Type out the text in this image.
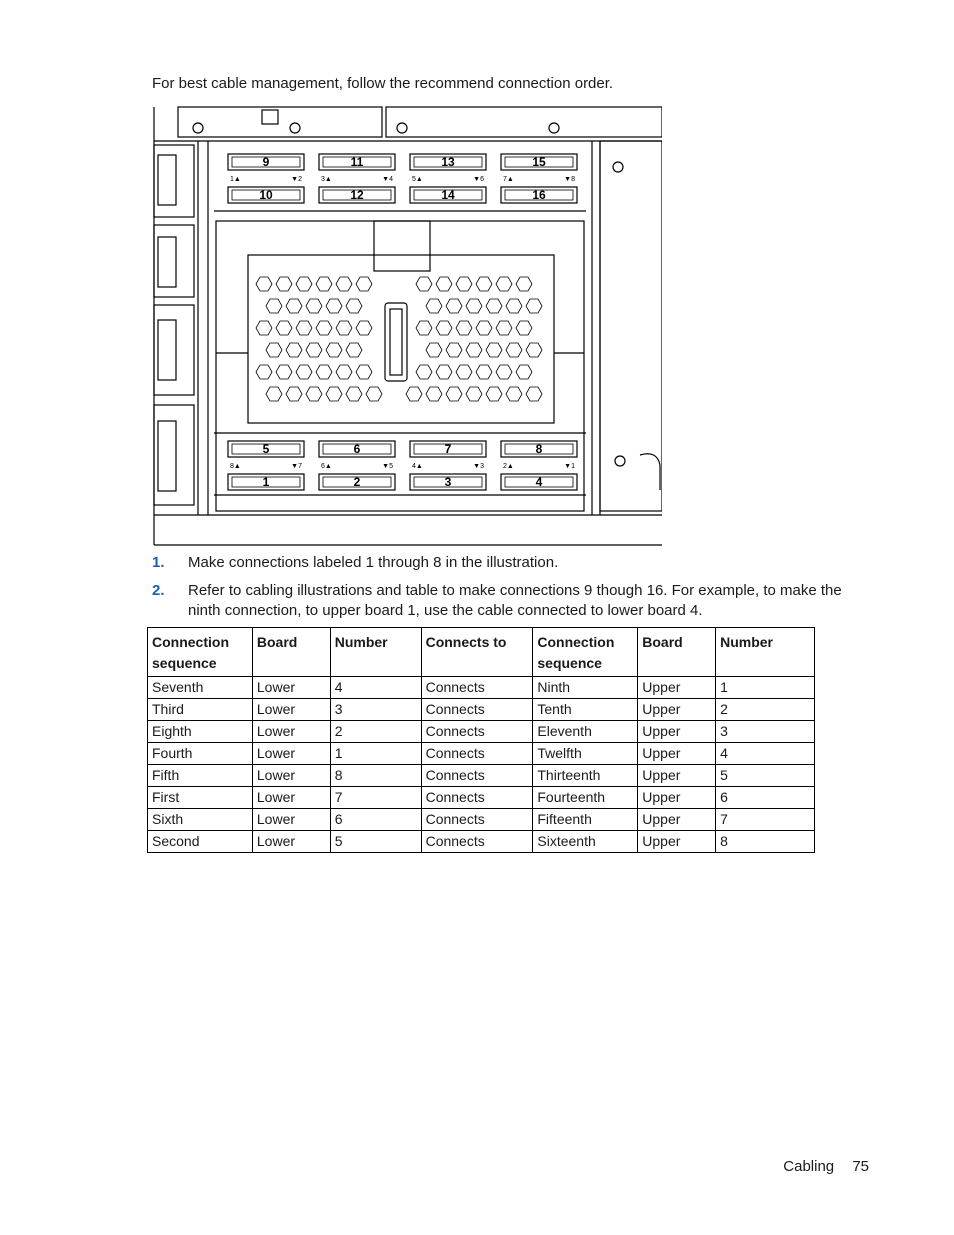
For best cable management, follow the recommend connection order.
9
10
1▲	▼2
11
12
3▲	▼4
13
14
5▲	▼6
15
16
7▲	▼8
5
1
8▲	▼7
6
2
6▲	▼5
7
3
4▲	▼3
8
4
2▲	▼1
1.	Make connections labeled 1 through 8 in the illustration.
2.	Refer to cabling illustrations and table to make connections 9 though 16. For example, to make the ninth connection, to upper board 1, use the cable connected to lower board 4.
Connection sequence	Board	Number	Connects to	Connection sequence	Board	Number
Seventh	Lower	4	Connects	Ninth	Upper	1
Third	Lower	3	Connects	Tenth	Upper	2
Eighth	Lower	2	Connects	Eleventh	Upper	3
Fourth	Lower	1	Connects	Twelfth	Upper	4
Fifth	Lower	8	Connects	Thirteenth	Upper	5
First	Lower	7	Connects	Fourteenth	Upper	6
Sixth	Lower	6	Connects	Fifteenth	Upper	7
Second	Lower	5	Connects	Sixteenth	Upper	8
Cabling 75
